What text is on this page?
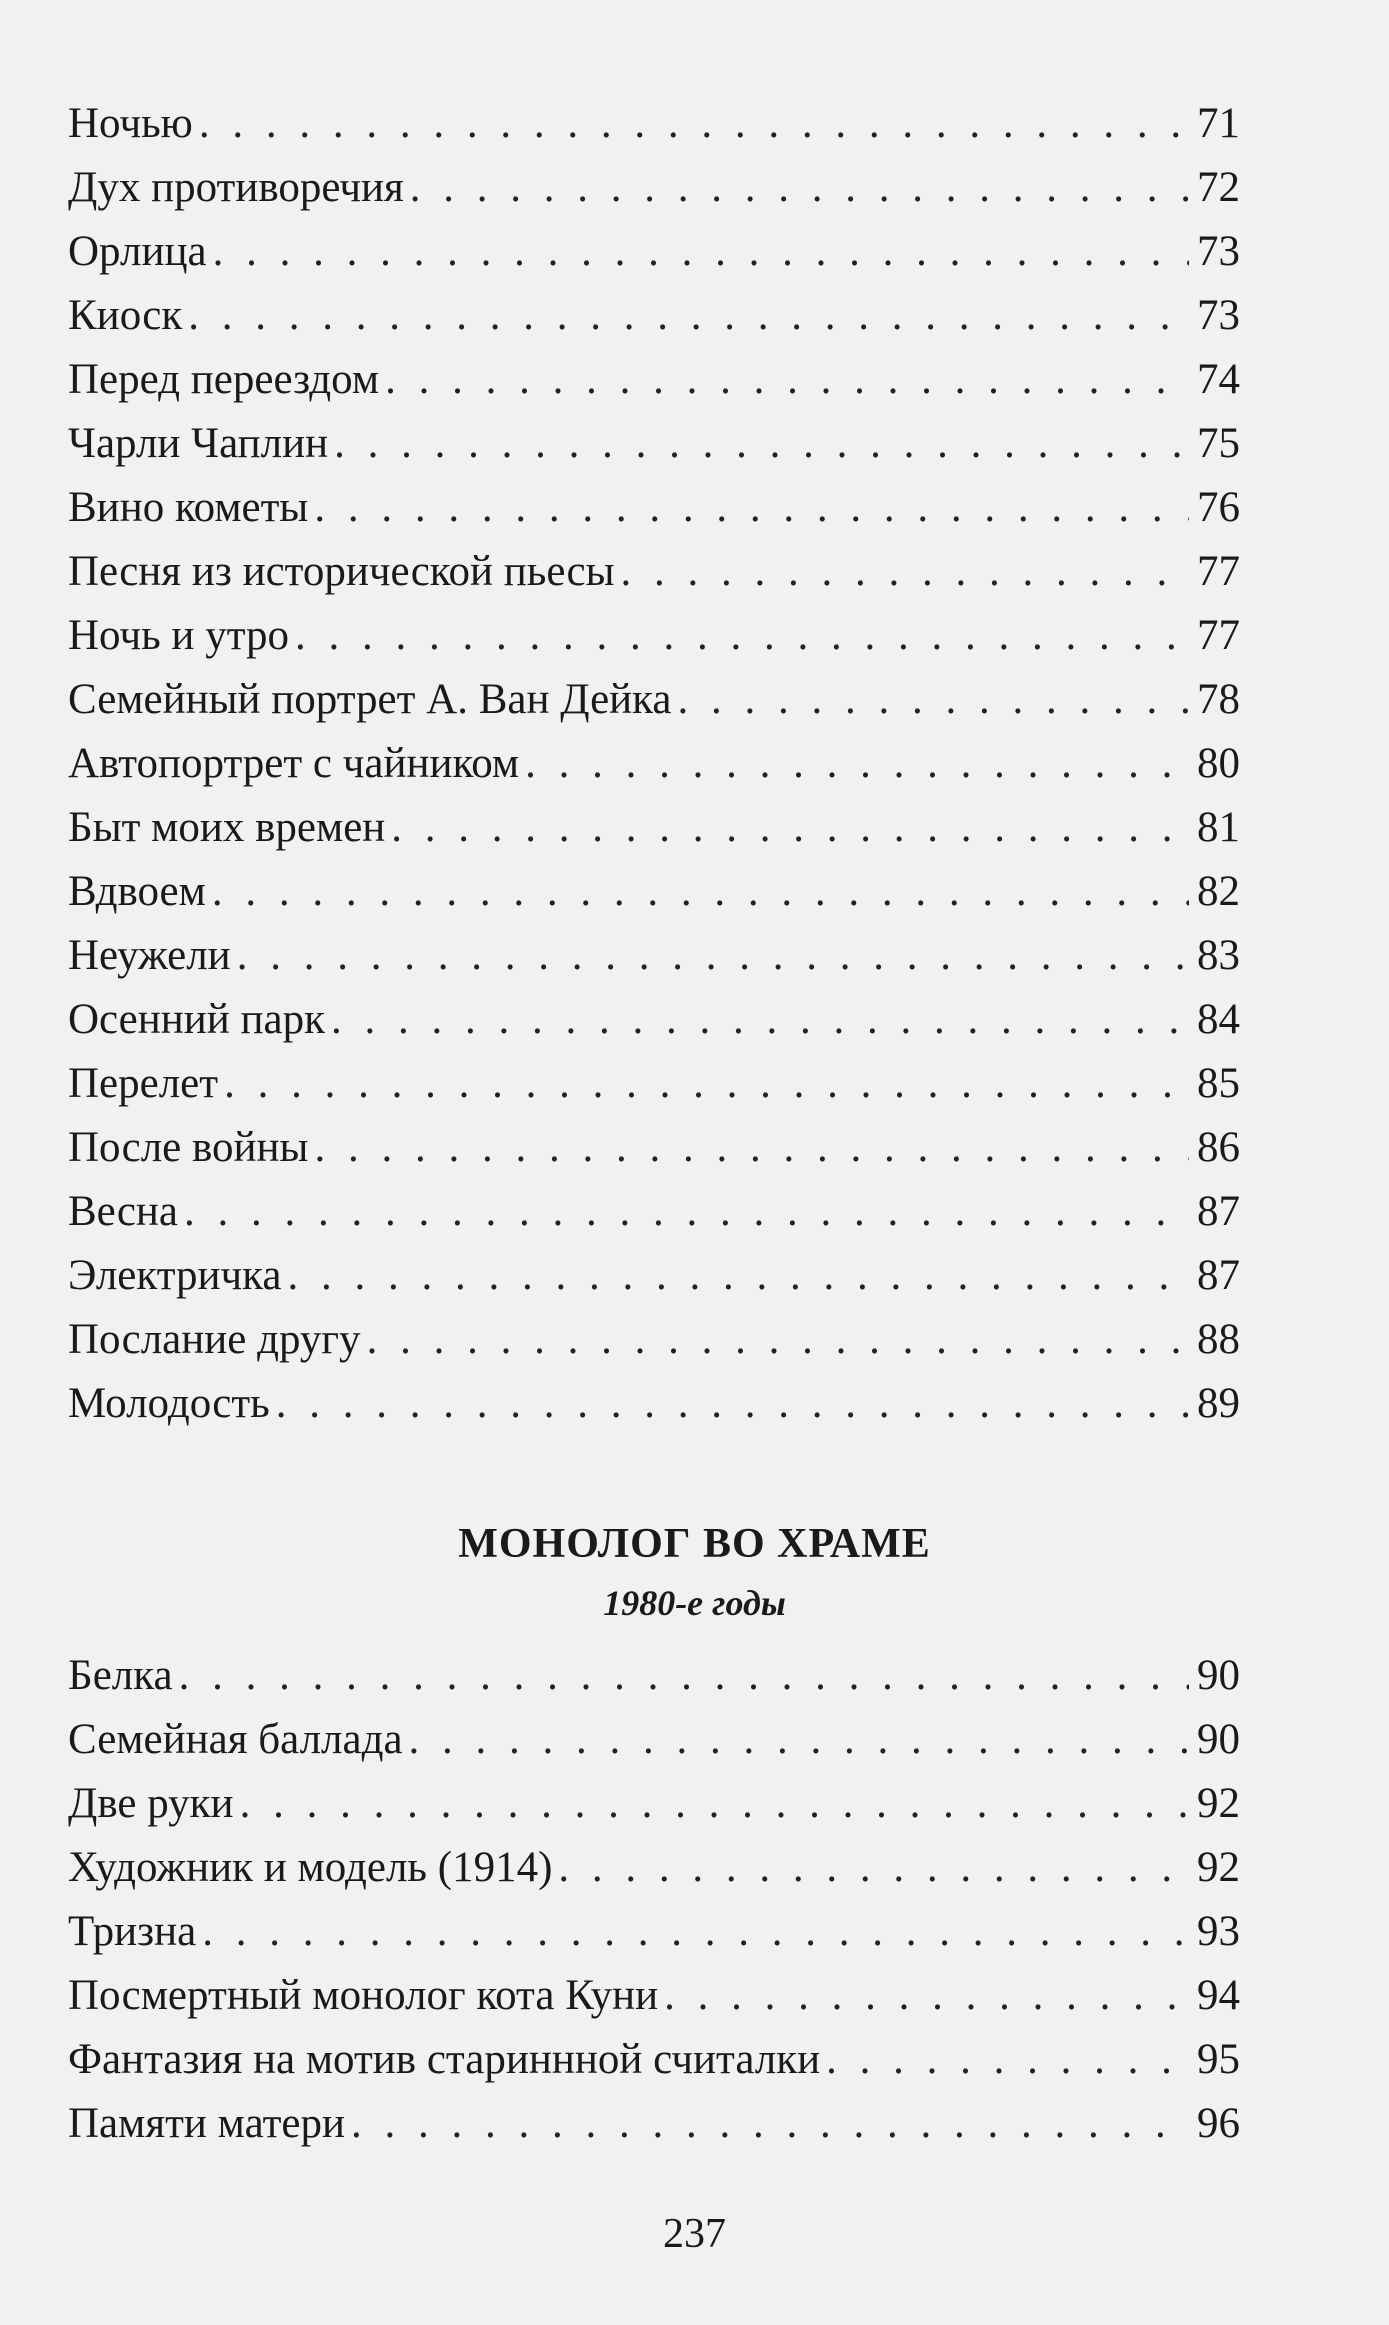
Ночью . . .	71
Дух противоречия . . .	72
Орлица . . .	73
Киоск . . .	73
Перед переездом . . .	74
Чарли Чаплин . . .	75
Вино кометы . . .	76
Песня из исторической пьесы . . .	77
Ночь и утро . . .	77
Семейный портрет А. Ван Дейка . . .	78
Автопортрет с чайником . . .	80
Быт моих времен . . .	81
Вдвоем . . .	82
Неужели . . .	83
Осенний парк . . .	84
Перелет . . .	85
После войны . . .	86
Весна . . .	87
Электричка . . .	87
Послание другу . . .	88
Молодость . . .	89
МОНОЛОГ ВО ХРАМЕ
1980-е годы
Белка . . .	90
Семейная баллада . . .	90
Две руки . . .	92
Художник и модель (1914) . . .	92
Тризна . . .	93
Посмертный монолог кота Куни . . .	94
Фантазия на мотив стариннной считалки . . .	95
Памяти матери . . .	96
237
